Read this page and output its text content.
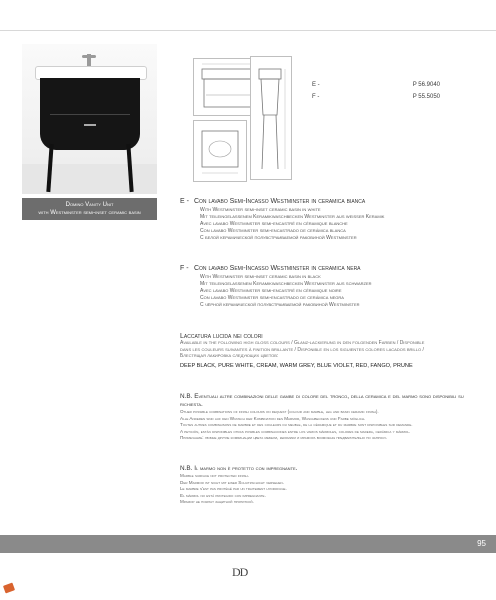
Domino Vanity Unit
with Westminster semi-inset ceramic basin
E -	P 56.9040
F -	P 55.5050
E - Con lavabo Semi-Incasso Westminster in ceramica bianca
With Westminster semi-inset ceramic basin in white
Mit teileingelassenem Keramikwaschbecken Westminster aus weißer Keramik
Avec lavabo Westminster semi-encastré en céramique blanche
Con lavabo Westminster semi-encastrado de cerámica blanca
С белой керамической полувстраиваемой раковиной Westminster
F - Con lavabo Semi-Incasso Westminster in ceramica nera
With Westminster semi-inset ceramic basin in black
Mit teileingelassenem Keramikwaschbecken Westminster aus schwarzer
Avec lavabo Westminster semi-encastré en céramique noire
Con lavabo Westminster semi-encastrado de cerámica negra
С чёрной керамической полувстраиваемой раковиной Westminster
Laccatura lucida nei colori
Available in the following high gloss colours / Glanz-lackierung in den folgenden Farben / Disponible
dans les couleurs suivantes à finition brillante / Disponible en los siguientes colores lacados brillo /
Блестящая лакировка следующих цветов:
DEEP BLACK, PURE WHITE, CREAM, WARM GREY, BLUE VIOLET, RED, FANGO, PRUNE
N.B. Eventuali altre combinazioni delle gambe di colore del tronco, della ceramica e del marmo sono disponibili su richiesta.
Other possible combinations of finish colours on request (colour and marble, leg and basin ceramic finish).
Alle Anderen sind auf den Wunsch der Kombination des Marmor, Waschbeckens und Farbe möglich.
Toutes autres combinaisons de marbre et des couleurs du meuble, de la céramique et du marbre sont disponibles sur demande.
A petición, están disponibles otras posibles combinaciones entre los varios mármoles, colores de madera, cerámica y mármol.
Примечание: любые другие комбинации цвета мебели, керамики и мрамора возможны предварительно по запросу.
N.B. Il marmo non è protetto con impregnante.
Marble surface not protected finish.
Der Marmor ist nicht mit einer Schutzschicht versehen.
Le marbre n'est pas protégé par un traitement hydrofuge.
El mármol no está protegido con impregnante.
Мрамор не покрыт защитной пропиткой.
95
DD
